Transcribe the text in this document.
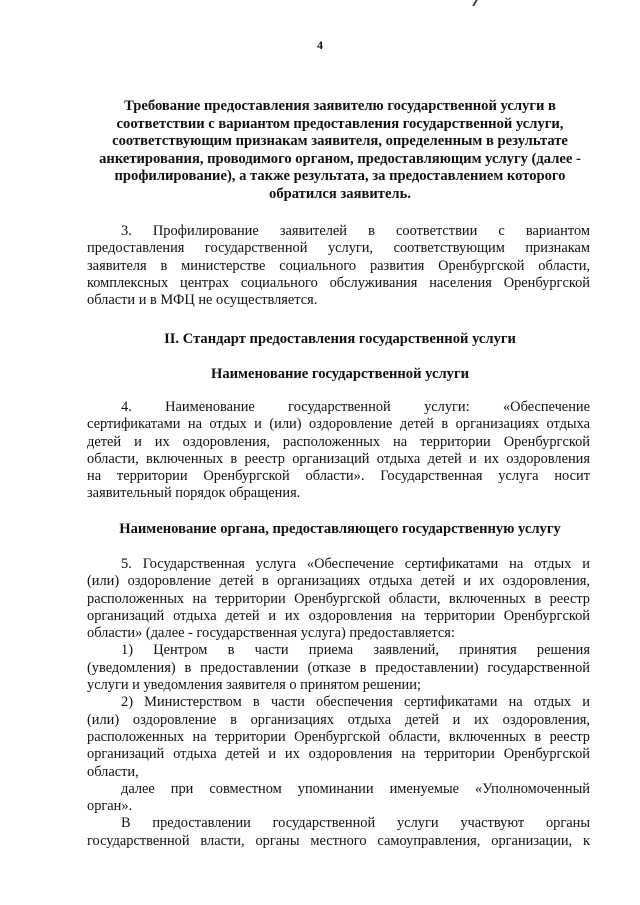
4
Требование предоставления заявителю государственной услуги в
соответствии с вариантом предоставления государственной услуги,
соответствующим признакам заявителя, определенным в результате
анкетирования, проводимого органом, предоставляющим услугу (далее -
профилирование), а также результата, за предоставлением которого
обратился заявитель.
3. Профилирование заявителей в соответствии с вариантом
предоставления государственной услуги, соответствующим признакам
заявителя в министерстве социального развития Оренбургской области,
комплексных центрах социального обслуживания населения Оренбургской
области и в МФЦ не осуществляется.
II. Стандарт предоставления государственной услуги
Наименование государственной услуги
4. Наименование государственной услуги: «Обеспечение
сертификатами на отдых и (или) оздоровление детей в организациях отдыха
детей и их оздоровления, расположенных на территории Оренбургской
области, включенных в реестр организаций отдыха детей и их оздоровления
на территории Оренбургской области». Государственная услуга носит
заявительный порядок обращения.
Наименование органа, предоставляющего государственную услугу
5. Государственная услуга «Обеспечение сертификатами на отдых и
(или) оздоровление детей в организациях отдыха детей и их оздоровления,
расположенных на территории Оренбургской области, включенных в реестр
организаций отдыха детей и их оздоровления на территории Оренбургской
области» (далее - государственная услуга) предоставляется:
1) Центром в части приема заявлений, принятия решения
(уведомления) в предоставлении (отказе в предоставлении) государственной
услуги и уведомления заявителя о принятом решении;
2) Министерством в части обеспечения сертификатами на отдых и
(или) оздоровление в организациях отдыха детей и их оздоровления,
расположенных на территории Оренбургской области, включенных в реестр
организаций отдыха детей и их оздоровления на территории Оренбургской
области,
далее при совместном упоминании именуемые «Уполномоченный
орган».
В предоставлении государственной услуги участвуют органы
государственной власти, органы местного самоуправления, организации, к
